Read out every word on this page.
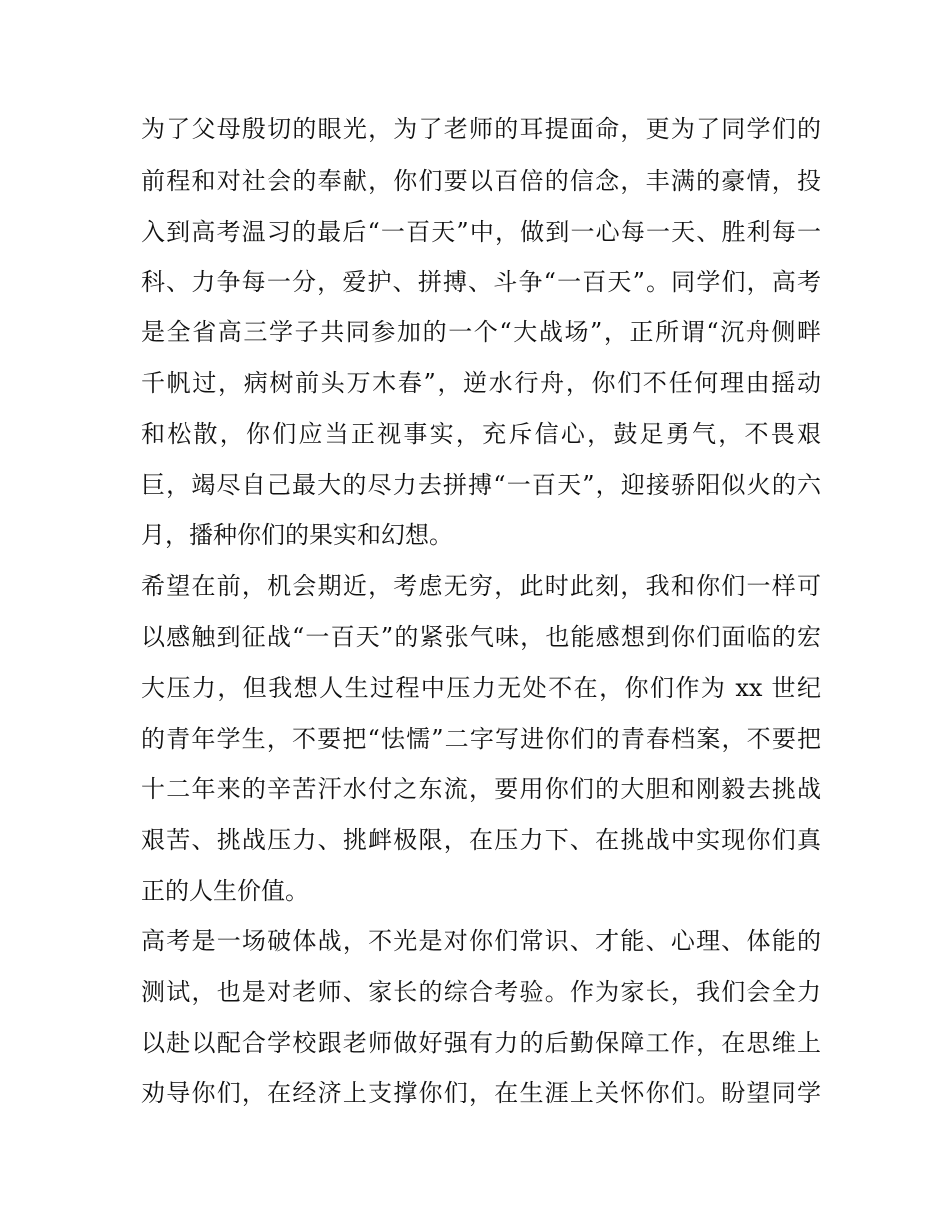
为了父母殷切的眼光，为了老师的耳提面命，更为了同学们的
前程和对社会的奉献，你们要以百倍的信念，丰满的豪情，投
入到高考温习的最后“一百天”中，做到一心每一天、胜利每一
科、力争每一分，爱护、拼搏、斗争“一百天”。同学们，高考
是全省高三学子共同参加的一个“大战场”，正所谓“沉舟侧畔
千帆过，病树前头万木春”，逆水行舟，你们不任何理由摇动
和松散，你们应当正视事实，充斥信心，鼓足勇气，不畏艰
巨，竭尽自己最大的尽力去拼搏“一百天”，迎接骄阳似火的六
月，播种你们的果实和幻想。
希望在前，机会期近，考虑无穷，此时此刻，我和你们一样可
以感触到征战“一百天”的紧张气味，也能感想到你们面临的宏
大压力，但我想人生过程中压力无处不在，你们作为 xx 世纪
的青年学生，不要把“怯懦”二字写进你们的青春档案，不要把
十二年来的辛苦汗水付之东流，要用你们的大胆和刚毅去挑战
艰苦、挑战压力、挑衅极限，在压力下、在挑战中实现你们真
正的人生价值。
高考是一场破体战，不光是对你们常识、才能、心理、体能的
测试，也是对老师、家长的综合考验。作为家长，我们会全力
以赴以配合学校跟老师做好强有力的后勤保障工作，在思维上
劝导你们，在经济上支撑你们，在生涯上关怀你们。盼望同学
